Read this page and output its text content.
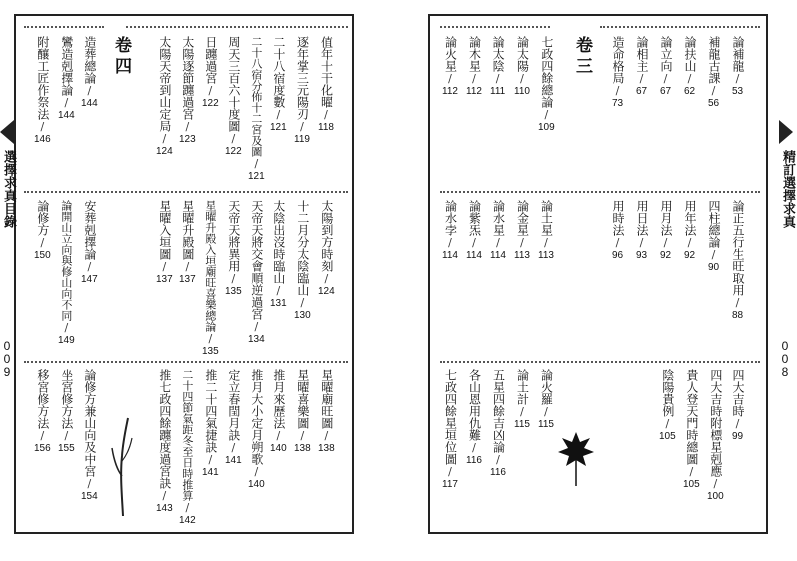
卷四	值年十干化曜
/
118
逐年掌三元陽刃
/
119
二十八宿度數
/
121
二十八宿分佈十二宮及圖
/
121
周天三百六十度圖
/
122
日躔過宮
/
122
太陽逐節躔過宮
/
123
太陽天帝到山定局
/
124
造葬總論
/
144
鸞造剋擇論
/
144
附釀工匠作祭法
/
146
太陽到方時刻
/
124
十二月分太陰臨山
/
130
太陰出沒時臨山
/
131
天帝天將交會順逆過宮
/
134
天帝天將異用
/
135
星曜升殿入垣廟旺喜樂總論
/
135
星曜升殿圖
/
137
星曜入垣圖
/
137
安葬剋擇論
/
147
論開山立向與修山向不同
/
149
論修方
/
150
星曜廟旺圖
/
138
星曜喜樂圖
/
138
推月來歷法
/
140
推月大小定月朔歌
/
140
定立春閏月訣
/
141
推二十四氣捷訣
/
141
二十四節氣距冬至日時推算
/
142
推七政四餘躔度過宮訣
/
143
論修方兼山向及中宮
/
154
坐宮修方法
/
155
移宮修方法
/
156
選擇求真目錄
0
0
9
卷三	論補龍
/
53
補龍古課
/
56
論扶山
/
62
論立向
/
67
論相主
/
67
造命格局
/
73
七政四餘總論
/
109
論太陽
/
110
論太陰
/
111
論木星
/
112
論火星
/
112
論正五行生旺取用
/
88
四柱總論
/
90
用年法
/
92
用月法
/
92
用日法
/
93
用時法
/
96
論土星
/
113
論金星
/
113
論水星
/
114
論紫炁
/
114
論水孛
/
114
四大吉時
/
99
四大吉時附標星剋應
/
100
貴人登天門時總圖
/
105
陰陽貴例
/
105
論火羅
/
115
論土計
/
115
五星四餘吉凶論
/
116
各山恩用仇難
/
116
七政四餘星垣位圖
/
117
精訂選擇求真
0
0
8
